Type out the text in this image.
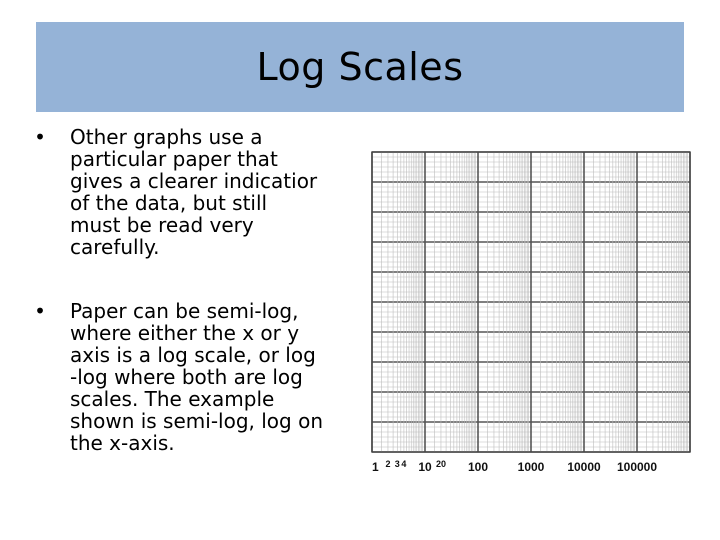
Log Scales
• Other graphs use a
particular paper that
gives a clearer indicatior
of the data, but still
must be read very
carefully.
• Paper can be semi-log,
where either the x or y
axis is a log scale, or log
-log where both are log
scales. The example
shown is semi-log, log on
the x-axis.
1 2 3 4 10 20 100 1000 10000 100000
